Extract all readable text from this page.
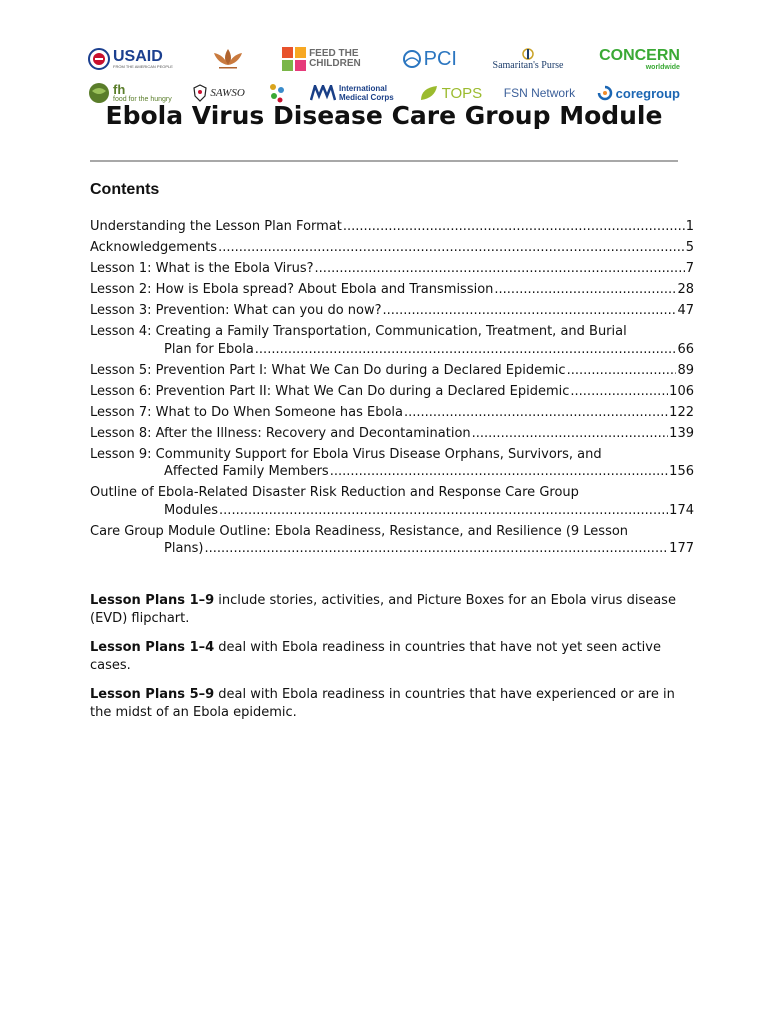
USAID
FROM THE AMERICAN PEOPLE
FEED THE CHILDREN	PCI	Samaritan's Purse
CONCERN
worldwide
fh
food for the hungry
SAWSO	International Medical Corps	TOPS FSN Network	coregroup
Ebola Virus Disease Care Group Module
Contents
Understanding the Lesson Plan Format .....	1
Acknowledgements .....	5
Lesson 1: What is the Ebola Virus? .....	7
Lesson 2: How is Ebola spread? About Ebola and Transmission .....	28
Lesson 3: Prevention: What can you do now? .....	47
Lesson 4: Creating a Family Transportation, Communication, Treatment, and Burial
Plan for Ebola .....	66
Lesson 5: Prevention Part I: What We Can Do during a Declared Epidemic .....	89
Lesson 6: Prevention Part II: What We Can Do during a Declared Epidemic .....	106
Lesson 7: What to Do When Someone has Ebola .....	122
Lesson 8: After the Illness: Recovery and Decontamination .....	139
Lesson 9: Community Support for Ebola Virus Disease Orphans, Survivors, and
Affected Family Members .....	156
Outline of Ebola-Related Disaster Risk Reduction and Response Care Group
Modules .....	174
Care Group Module Outline: Ebola Readiness, Resistance, and Resilience (9 Lesson
Plans) .....	177

Lesson Plans 1–9 include stories, activities, and Picture Boxes for an Ebola virus disease (EVD) flipchart.

Lesson Plans 1–4 deal with Ebola readiness in countries that have not yet seen active cases.

Lesson Plans 5–9 deal with Ebola readiness in countries that have experienced or are in the midst of an Ebola epidemic.
